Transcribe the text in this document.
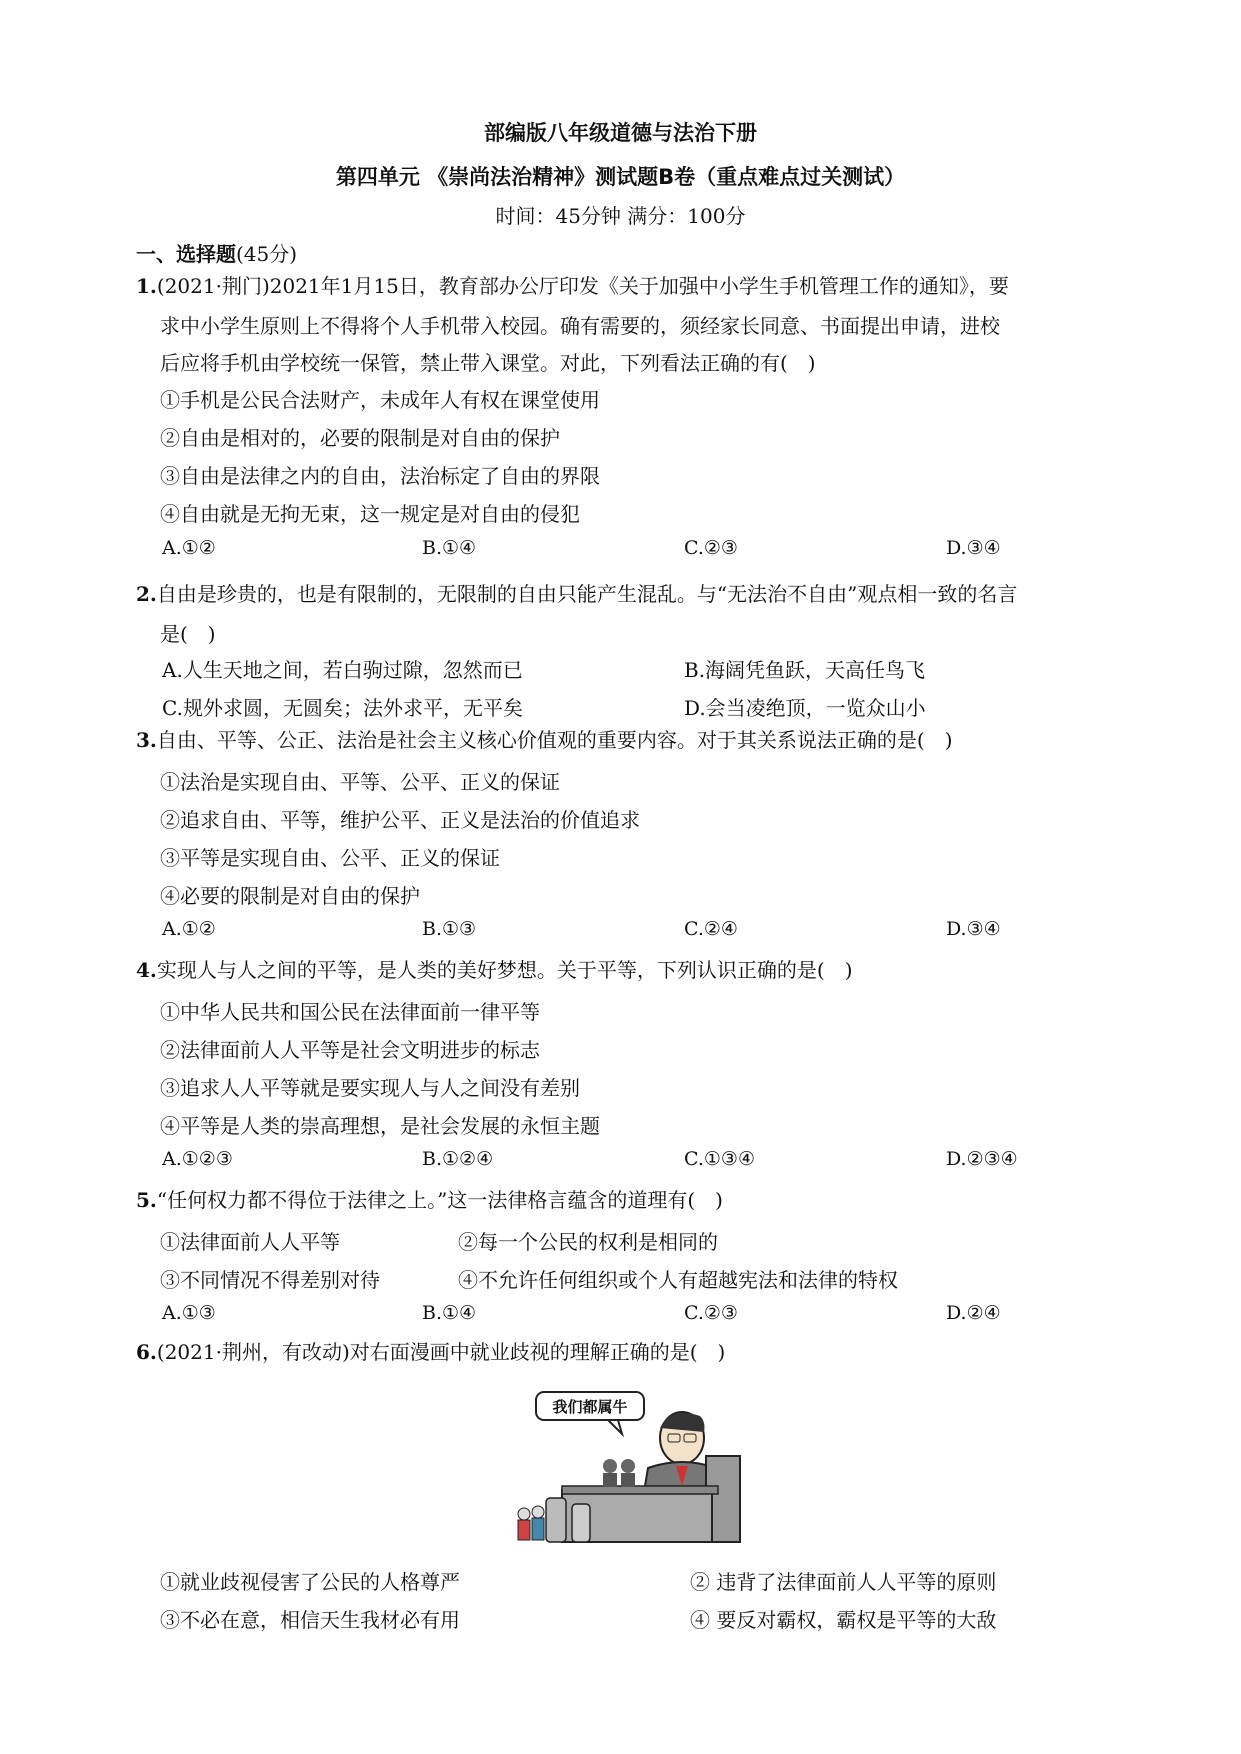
部编版八年级道德与法治下册
第四单元 《崇尚法治精神》测试题B卷（重点难点过关测试）
时间：45分钟 满分：100分
一、选择题(45分)
1.(2021·荆门)2021年1月15日，教育部办公厅印发《关于加强中小学生手机管理工作的通知》，要
求中小学生原则上不得将个人手机带入校园。确有需要的，须经家长同意、书面提出申请，进校
后应将手机由学校统一保管，禁止带入课堂。对此，下列看法正确的有(　)
①手机是公民合法财产，未成年人有权在课堂使用
②自由是相对的，必要的限制是对自由的保护
③自由是法律之内的自由，法治标定了自由的界限
④自由就是无拘无束，这一规定是对自由的侵犯
A.①②	B.①④	C.②③	D.③④
2.自由是珍贵的，也是有限制的，无限制的自由只能产生混乱。与“无法治不自由”观点相一致的名言
是(　)
A.人生天地之间，若白驹过隙，忽然而已	B.海阔凭鱼跃，天高任鸟飞
C.规外求圆，无圆矣；法外求平，无平矣	D.会当凌绝顶，一览众山小
3.自由、平等、公正、法治是社会主义核心价值观的重要内容。对于其关系说法正确的是(　)
①法治是实现自由、平等、公平、正义的保证
②追求自由、平等，维护公平、正义是法治的价值追求
③平等是实现自由、公平、正义的保证
④必要的限制是对自由的保护
A.①②	B.①③	C.②④	D.③④
4.实现人与人之间的平等，是人类的美好梦想。关于平等，下列认识正确的是(　)
①中华人民共和国公民在法律面前一律平等
②法律面前人人平等是社会文明进步的标志
③追求人人平等就是要实现人与人之间没有差别
④平等是人类的崇高理想，是社会发展的永恒主题
A.①②③	B.①②④	C.①③④	D.②③④
5.“任何权力都不得位于法律之上。”这一法律格言蕴含的道理有(　)
①法律面前人人平等	②每一个公民的权利是相同的
③不同情况不得差别对待	④不允许任何组织或个人有超越宪法和法律的特权
A.①③	B.①④	C.②③	D.②④
6.(2021·荆州，有改动)对右面漫画中就业歧视的理解正确的是(　)
我们都属牛
①就业歧视侵害了公民的人格尊严	② 违背了法律面前人人平等的原则
③不必在意，相信天生我材必有用	④ 要反对霸权，霸权是平等的大敌
